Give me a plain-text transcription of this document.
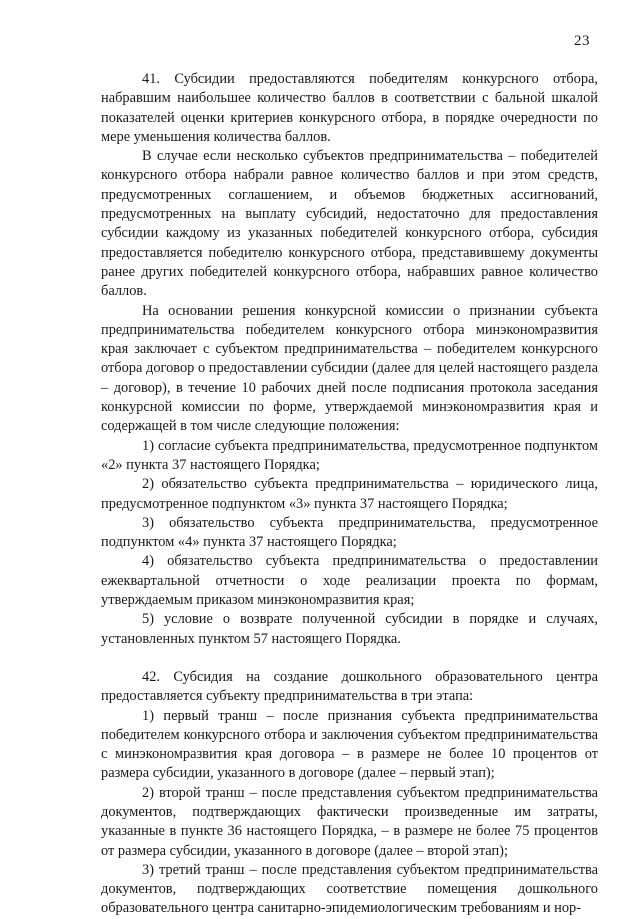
23

41. Субсидии предоставляются победителям конкурсного отбора, набравшим наибольшее количество баллов в соответствии с бальной шкалой показателей оценки критериев конкурсного отбора, в порядке очередности по мере уменьшения количества баллов.

В случае если несколько субъектов предпринимательства – победителей конкурсного отбора набрали равное количество баллов и при этом средств, предусмотренных соглашением, и объемов бюджетных ассигнований, предусмотренных на выплату субсидий, недостаточно для предоставления субсидии каждому из указанных победителей конкурсного отбора, субсидия предоставляется победителю конкурсного отбора, представившему документы ранее других победителей конкурсного отбора, набравших равное количество баллов.

На основании решения конкурсной комиссии о признании субъекта предпринимательства победителем конкурсного отбора минэкономразвития края заключает с субъектом предпринимательства – победителем конкурсного отбора договор о предоставлении субсидии (далее для целей настоящего раздела – договор), в течение 10 рабочих дней после подписания протокола заседания конкурсной комиссии по форме, утверждаемой минэкономразвития края и содержащей в том числе следующие положения:

1) согласие субъекта предпринимательства, предусмотренное подпунктом «2» пункта 37 настоящего Порядка;

2) обязательство субъекта предпринимательства – юридического лица, предусмотренное подпунктом «3» пункта 37 настоящего Порядка;

3) обязательство субъекта предпринимательства, предусмотренное подпунктом «4» пункта 37 настоящего Порядка;

4) обязательство субъекта предпринимательства о предоставлении ежеквартальной отчетности о ходе реализации проекта по формам, утверждаемым приказом минэкономразвития края;

5) условие о возврате полученной субсидии в порядке и случаях, установленных пунктом 57 настоящего Порядка.

42. Субсидия на создание дошкольного образовательного центра предоставляется субъекту предпринимательства в три этапа:

1) первый транш – после признания субъекта предпринимательства победителем конкурсного отбора и заключения субъектом предпринимательства с минэкономразвития края договора – в размере не более 10 процентов от размера субсидии, указанного в договоре (далее – первый этап);

2) второй транш – после представления субъектом предпринимательства документов, подтверждающих фактически произведенные им затраты, указанные в пункте 36 настоящего Порядка, – в размере не более 75 процентов от размера субсидии, указанного в договоре (далее – второй этап);

3) третий транш – после представления субъектом предпринимательства документов, подтверждающих соответствие помещения дошкольного образовательного центра санитарно-эпидемиологическим требованиям и нор-
